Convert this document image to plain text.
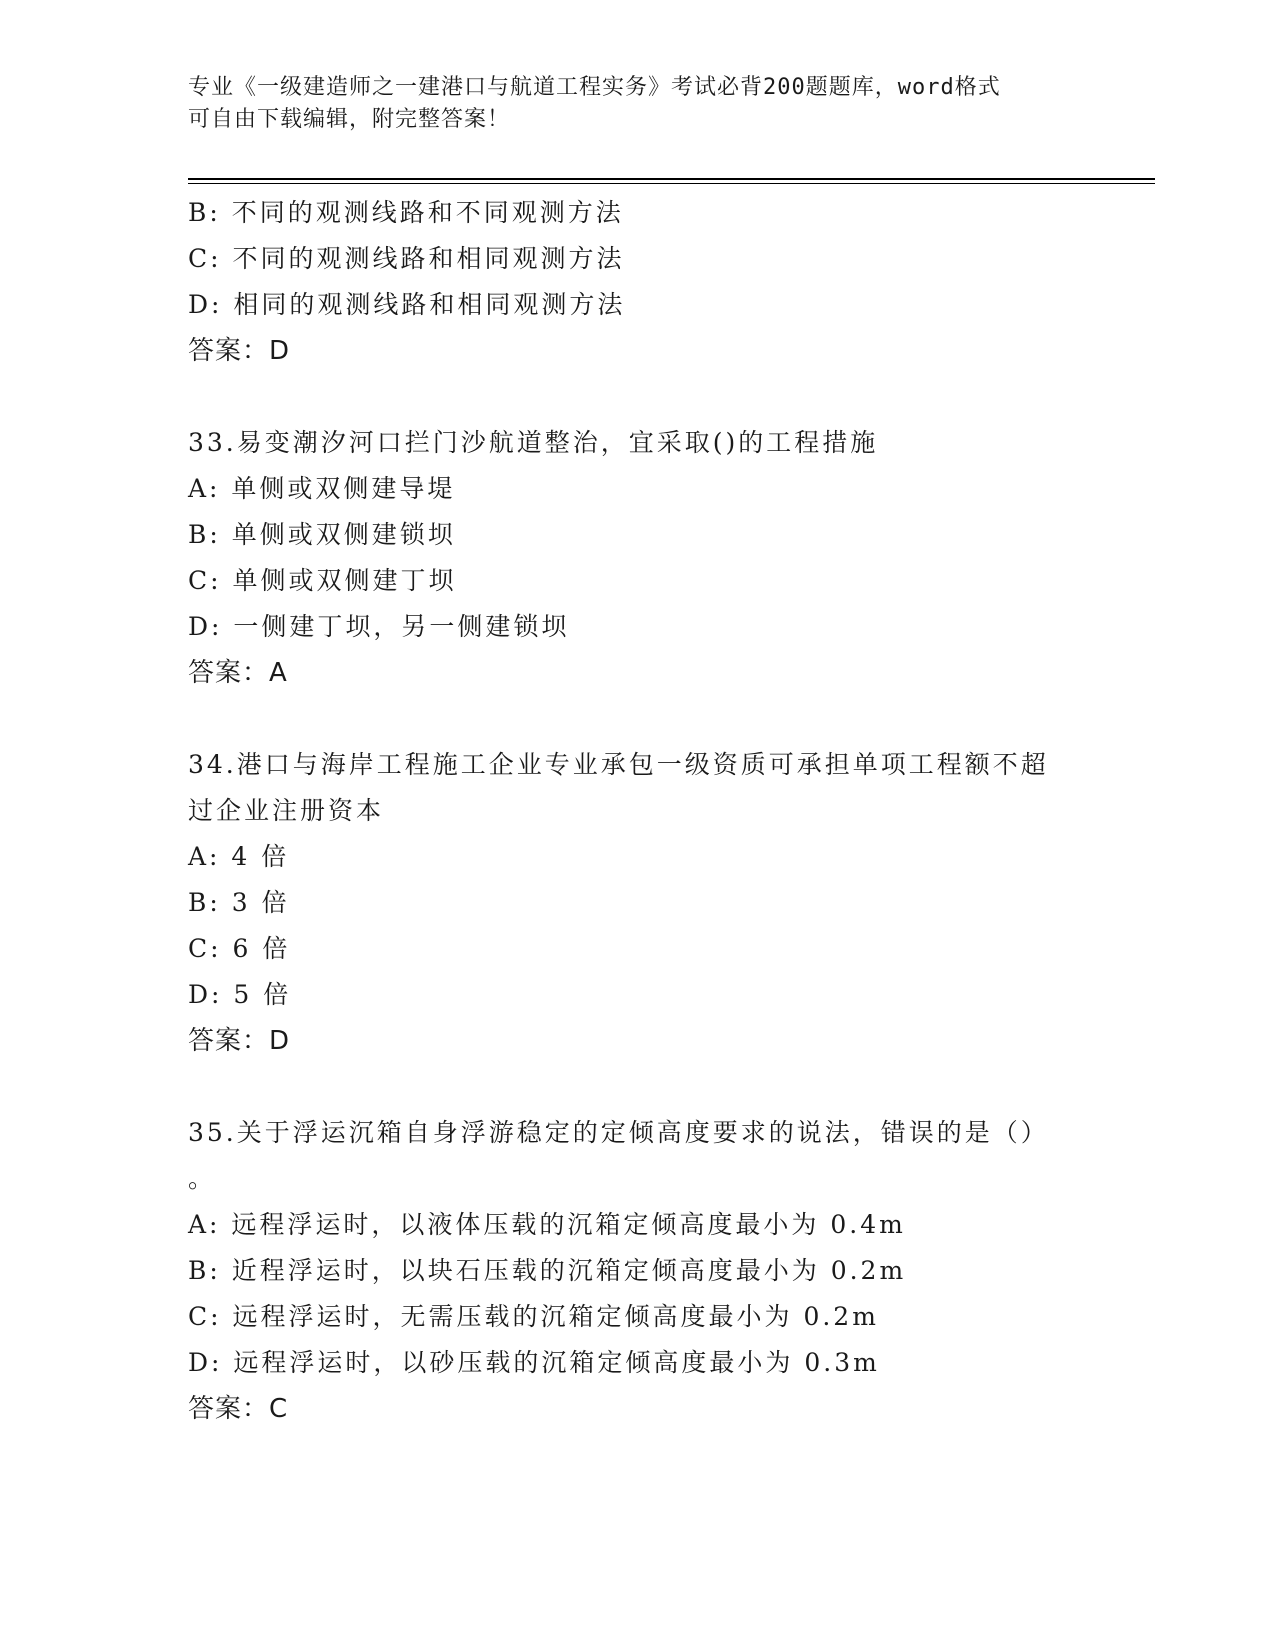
专业《一级建造师之一建港口与航道工程实务》考试必背200题题库，word格式
可自由下载编辑，附完整答案！
B: 不同的观测线路和不同观测方法
C: 不同的观测线路和相同观测方法
D: 相同的观测线路和相同观测方法
答案：D
33.易变潮汐河口拦门沙航道整治，宜采取()的工程措施
A: 单侧或双侧建导堤
B: 单侧或双侧建锁坝
C: 单侧或双侧建丁坝
D: 一侧建丁坝，另一侧建锁坝
答案：A
34.港口与海岸工程施工企业专业承包一级资质可承担单项工程额不超
过企业注册资本
A: 4 倍
B: 3 倍
C: 6 倍
D: 5 倍
答案：D
35.关于浮运沉箱自身浮游稳定的定倾高度要求的说法，错误的是（）
。
A: 远程浮运时，以液体压载的沉箱定倾高度最小为 0.4m
B: 近程浮运时，以块石压载的沉箱定倾高度最小为 0.2m
C: 远程浮运时，无需压载的沉箱定倾高度最小为 0.2m
D: 远程浮运时，以砂压载的沉箱定倾高度最小为 0.3m
答案：C
